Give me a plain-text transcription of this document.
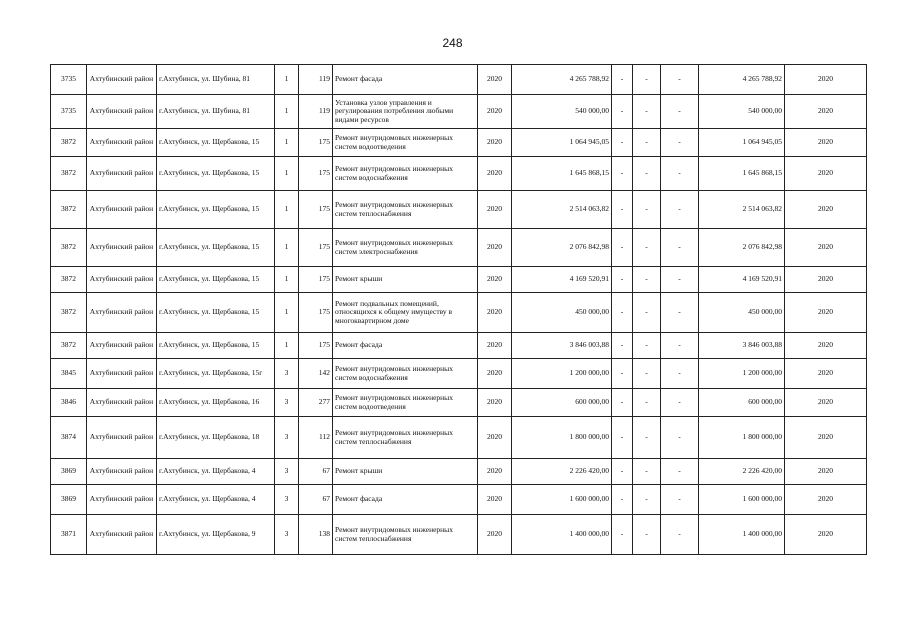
248
3735	Ахтубинский район	г.Ахтубинск, ул. Шубина, 81	1	119	Ремонт фасада	2020	4 265 788,92	-	-	-	4 265 788,92	2020
3735	Ахтубинский район	г.Ахтубинск, ул. Шубина, 81	1	119	Установка узлов управления и регулирования потребления любыми видами ресурсов	2020	540 000,00	-	-	-	540 000,00	2020
3872	Ахтубинский район	г.Ахтубинск, ул. Щербакова, 15	1	175	Ремонт внутридомовых инженерных систем водоотведения	2020	1 064 945,05	-	-	-	1 064 945,05	2020
3872	Ахтубинский район	г.Ахтубинск, ул. Щербакова, 15	1	175	Ремонт внутридомовых инженерных систем водоснабжения	2020	1 645 868,15	-	-	-	1 645 868,15	2020
3872	Ахтубинский район	г.Ахтубинск, ул. Щербакова, 15	1	175	Ремонт внутридомовых инженерных систем теплоснабжения	2020	2 514 063,82	-	-	-	2 514 063,82	2020
3872	Ахтубинский район	г.Ахтубинск, ул. Щербакова, 15	1	175	Ремонт внутридомовых инженерных систем электроснабжения	2020	2 076 842,98	-	-	-	2 076 842,98	2020
3872	Ахтубинский район	г.Ахтубинск, ул. Щербакова, 15	1	175	Ремонт крыши	2020	4 169 520,91	-	-	-	4 169 520,91	2020
3872	Ахтубинский район	г.Ахтубинск, ул. Щербакова, 15	1	175	Ремонт подвальных помещений, относящихся к общему имуществу в многоквартирном доме	2020	450 000,00	-	-	-	450 000,00	2020
3872	Ахтубинский район	г.Ахтубинск, ул. Щербакова, 15	1	175	Ремонт фасада	2020	3 846 003,88	-	-	-	3 846 003,88	2020
3845	Ахтубинский район	г.Ахтубинск, ул. Щербакова, 15г	3	142	Ремонт внутридомовых инженерных систем водоснабжения	2020	1 200 000,00	-	-	-	1 200 000,00	2020
3846	Ахтубинский район	г.Ахтубинск, ул. Щербакова, 16	3	277	Ремонт внутридомовых инженерных систем водоотведения	2020	600 000,00	-	-	-	600 000,00	2020
3874	Ахтубинский район	г.Ахтубинск, ул. Щербакова, 18	3	112	Ремонт внутридомовых инженерных систем теплоснабжения	2020	1 800 000,00	-	-	-	1 800 000,00	2020
3869	Ахтубинский район	г.Ахтубинск, ул. Щербакова, 4	3	67	Ремонт крыши	2020	2 226 420,00	-	-	-	2 226 420,00	2020
3869	Ахтубинский район	г.Ахтубинск, ул. Щербакова, 4	3	67	Ремонт фасада	2020	1 600 000,00	-	-	-	1 600 000,00	2020
3871	Ахтубинский район	г.Ахтубинск, ул. Щербакова, 9	3	138	Ремонт внутридомовых инженерных систем теплоснабжения	2020	1 400 000,00	-	-	-	1 400 000,00	2020
